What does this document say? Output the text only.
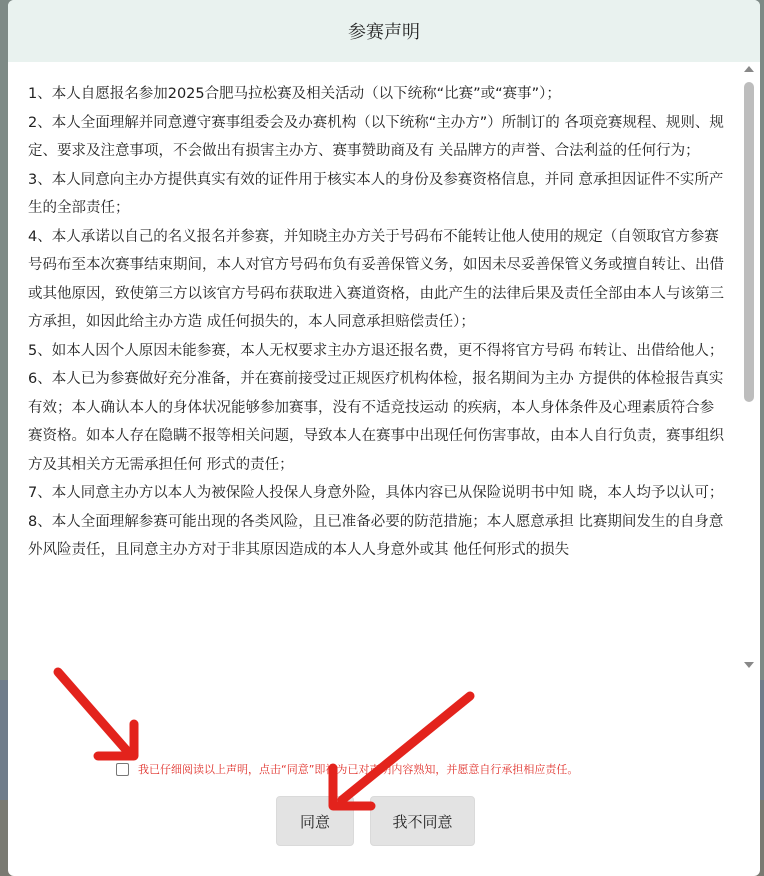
参赛声明

1、本人自愿报名参加2025合肥马拉松赛及相关活动（以下统称“比赛”或“赛事”）；

2、本人全面理解并同意遵守赛事组委会及办赛机构（以下统称“主办方”）所制订的 各项竞赛规程、规则、规定、要求及注意事项，不会做出有损害主办方、赛事赞助商及有 关品牌方的声誉、合法利益的任何行为；

3、本人同意向主办方提供真实有效的证件用于核实本人的身份及参赛资格信息，并同 意承担因证件不实所产生的全部责任；

4、本人承诺以自己的名义报名并参赛，并知晓主办方关于号码布不能转让他人使用的规定（自领取官方参赛号码布至本次赛事结束期间，本人对官方号码布负有妥善保管义务，如因未尽妥善保管义务或擅自转让、出借或其他原因，致使第三方以该官方号码布获取进入赛道资格，由此产生的法律后果及责任全部由本人与该第三方承担，如因此给主办方造 成任何损失的，本人同意承担赔偿责任）；

5、如本人因个人原因未能参赛，本人无权要求主办方退还报名费，更不得将官方号码 布转让、出借给他人；

6、本人已为参赛做好充分准备，并在赛前接受过正规医疗机构体检，报名期间为主办 方提供的体检报告真实有效；本人确认本人的身体状况能够参加赛事，没有不适竞技运动 的疾病，本人身体条件及心理素质符合参赛资格。如本人存在隐瞒不报等相关问题，导致本人在赛事中出现任何伤害事故，由本人自行负责，赛事组织方及其相关方无需承担任何 形式的责任；

7、本人同意主办方以本人为被保险人投保人身意外险，具体内容已从保险说明书中知 晓，本人均予以认可；

8、本人全面理解参赛可能出现的各类风险，且已准备必要的防范措施；本人愿意承担 比赛期间发生的自身意外风险责任，且同意主办方对于非其原因造成的本人人身意外或其 他任何形式的损失

我已仔细阅读以上声明，点击“同意”即视为已对声明内容熟知，并愿意自行承担相应责任。
同意	我不同意
